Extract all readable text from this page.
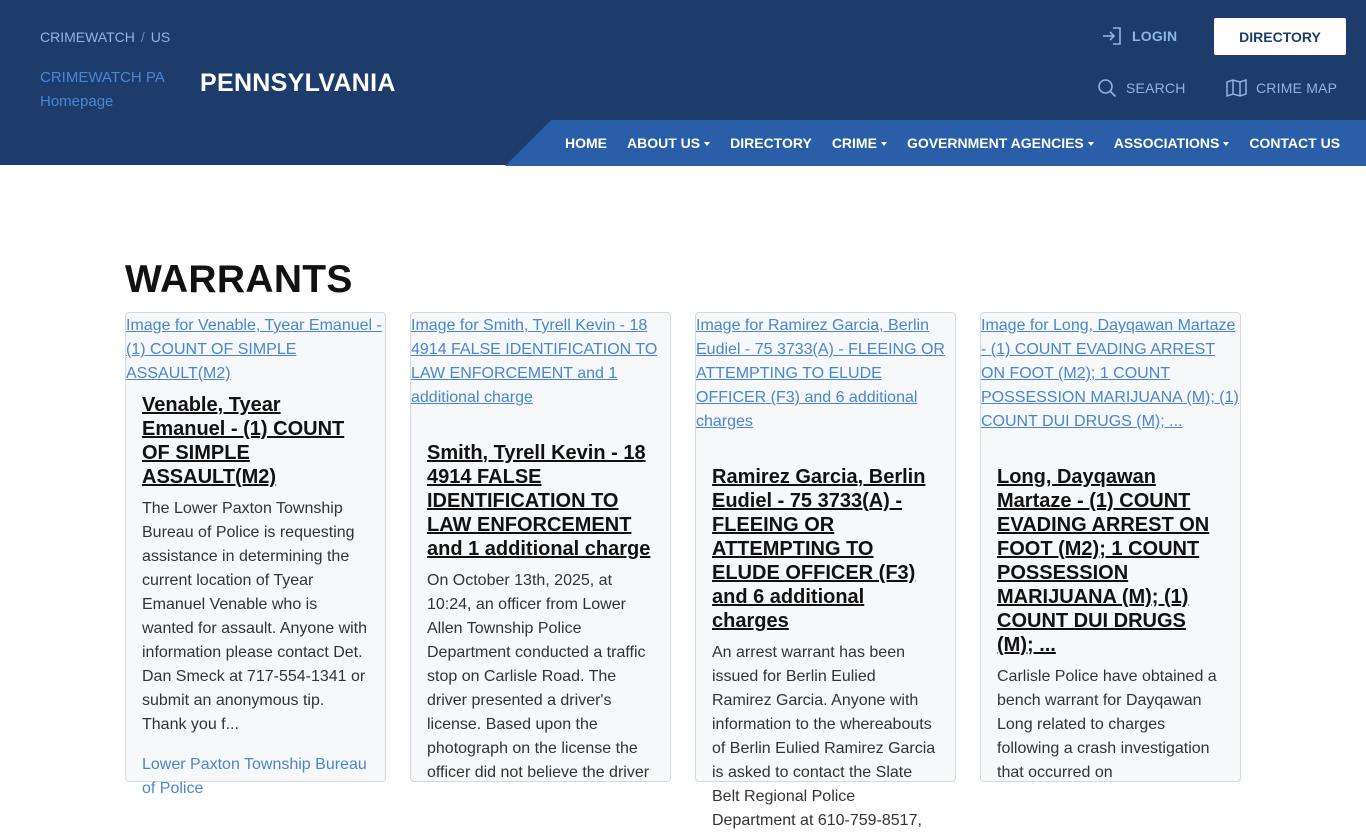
CRIMEWATCH / US
CRIMEWATCH PA Homepage
PENNSYLVANIA
LOGIN
SEARCH	CRIME MAP
DIRECTORY
HOME ABOUT US DIRECTORY CRIME GOVERNMENT AGENCIES ASSOCIATIONS CONTACT US
WARRANTS
Image for Venable, Tyear Emanuel - (1) COUNT OF SIMPLE ASSAULT(M2)
Venable, Tyear Emanuel - (1) COUNT OF SIMPLE ASSAULT(M2)
The Lower Paxton Township Bureau of Police is requesting assistance in determining the current location of Tyear Emanuel Venable who is wanted for assault. Anyone with information please contact Det. Dan Smeck at 717-554-1341 or submit an anonymous tip. Thank you f...
Lower Paxton Township Bureau of Police
Image for Smith, Tyrell Kevin - 18 4914 FALSE IDENTIFICATION TO LAW ENFORCEMENT and 1 additional charge
Smith, Tyrell Kevin - 18 4914 FALSE IDENTIFICATION TO LAW ENFORCEMENT and 1 additional charge
On October 13th, 2025, at 10:24, an officer from Lower Allen Township Police Department conducted a traffic stop on Carlisle Road. The driver presented a driver's license. Based upon the photograph on the license the officer did not believe the driver
Image for Ramirez Garcia, Berlin Eudiel - 75 3733(A) - FLEEING OR ATTEMPTING TO ELUDE OFFICER (F3) and 6 additional charges
Ramirez Garcia, Berlin Eudiel - 75 3733(A) - FLEEING OR ATTEMPTING TO ELUDE OFFICER (F3) and 6 additional charges
An arrest warrant has been issued for Berlin Eulied Ramirez Garcia. Anyone with information to the whereabouts of Berlin Eulied Ramirez Garcia is asked to contact the Slate Belt Regional Police Department at 610-759-8517,
Image for Long, Dayqawan Martaze - (1) COUNT EVADING ARREST ON FOOT (M2); 1 COUNT POSSESSION MARIJUANA (M); (1) COUNT DUI DRUGS (M); ...
Long, Dayqawan Martaze - (1) COUNT EVADING ARREST ON FOOT (M2); 1 COUNT POSSESSION MARIJUANA (M); (1) COUNT DUI DRUGS (M); ...
Carlisle Police have obtained a bench warrant for Dayqawan Long related to charges following a crash investigation that occurred on
